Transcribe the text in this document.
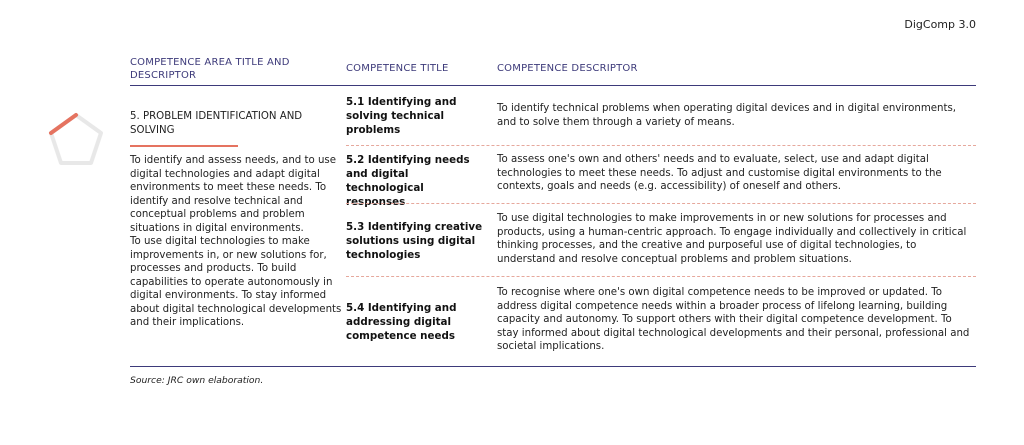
DigComp 3.0
COMPETENCE AREA TITLE AND DESCRIPTOR
COMPETENCE TITLE	COMPETENCE DESCRIPTOR
5. PROBLEM IDENTIFICATION AND SOLVING

To identify and assess needs, and to use digital technologies and adapt digital environments to meet these needs. To identify and resolve technical and conceptual problems and problem situations in digital environments.

To use digital technologies to make improvements in, or new solutions for, processes and products. To build capabilities to operate autonomously in digital environments. To stay informed about digital technological developments and their implications.

5.1 Identifying and solving technical problems
To identify technical problems when operating digital devices and in digital environments, and to solve them through a variety of means.
5.2 Identifying needs and digital technological responses
To assess one's own and others' needs and to evaluate, select, use and adapt digital technologies to meet these needs. To adjust and customise digital environments to the contexts, goals and needs (e.g. accessibility) of oneself and others.
5.3 Identifying creative solutions using digital technologies
To use digital technologies to make improvements in or new solutions for processes and products, using a human-centric approach. To engage individually and collectively in critical thinking processes, and the creative and purposeful use of digital technologies, to understand and resolve conceptual problems and problem situations.
5.4 Identifying and addressing digital competence needs
To recognise where one's own digital competence needs to be improved or updated. To address digital competence needs within a broader process of lifelong learning, building capacity and autonomy. To support others with their digital competence development. To stay informed about digital technological developments and their personal, professional and societal implications.
Source: JRC own elaboration.
